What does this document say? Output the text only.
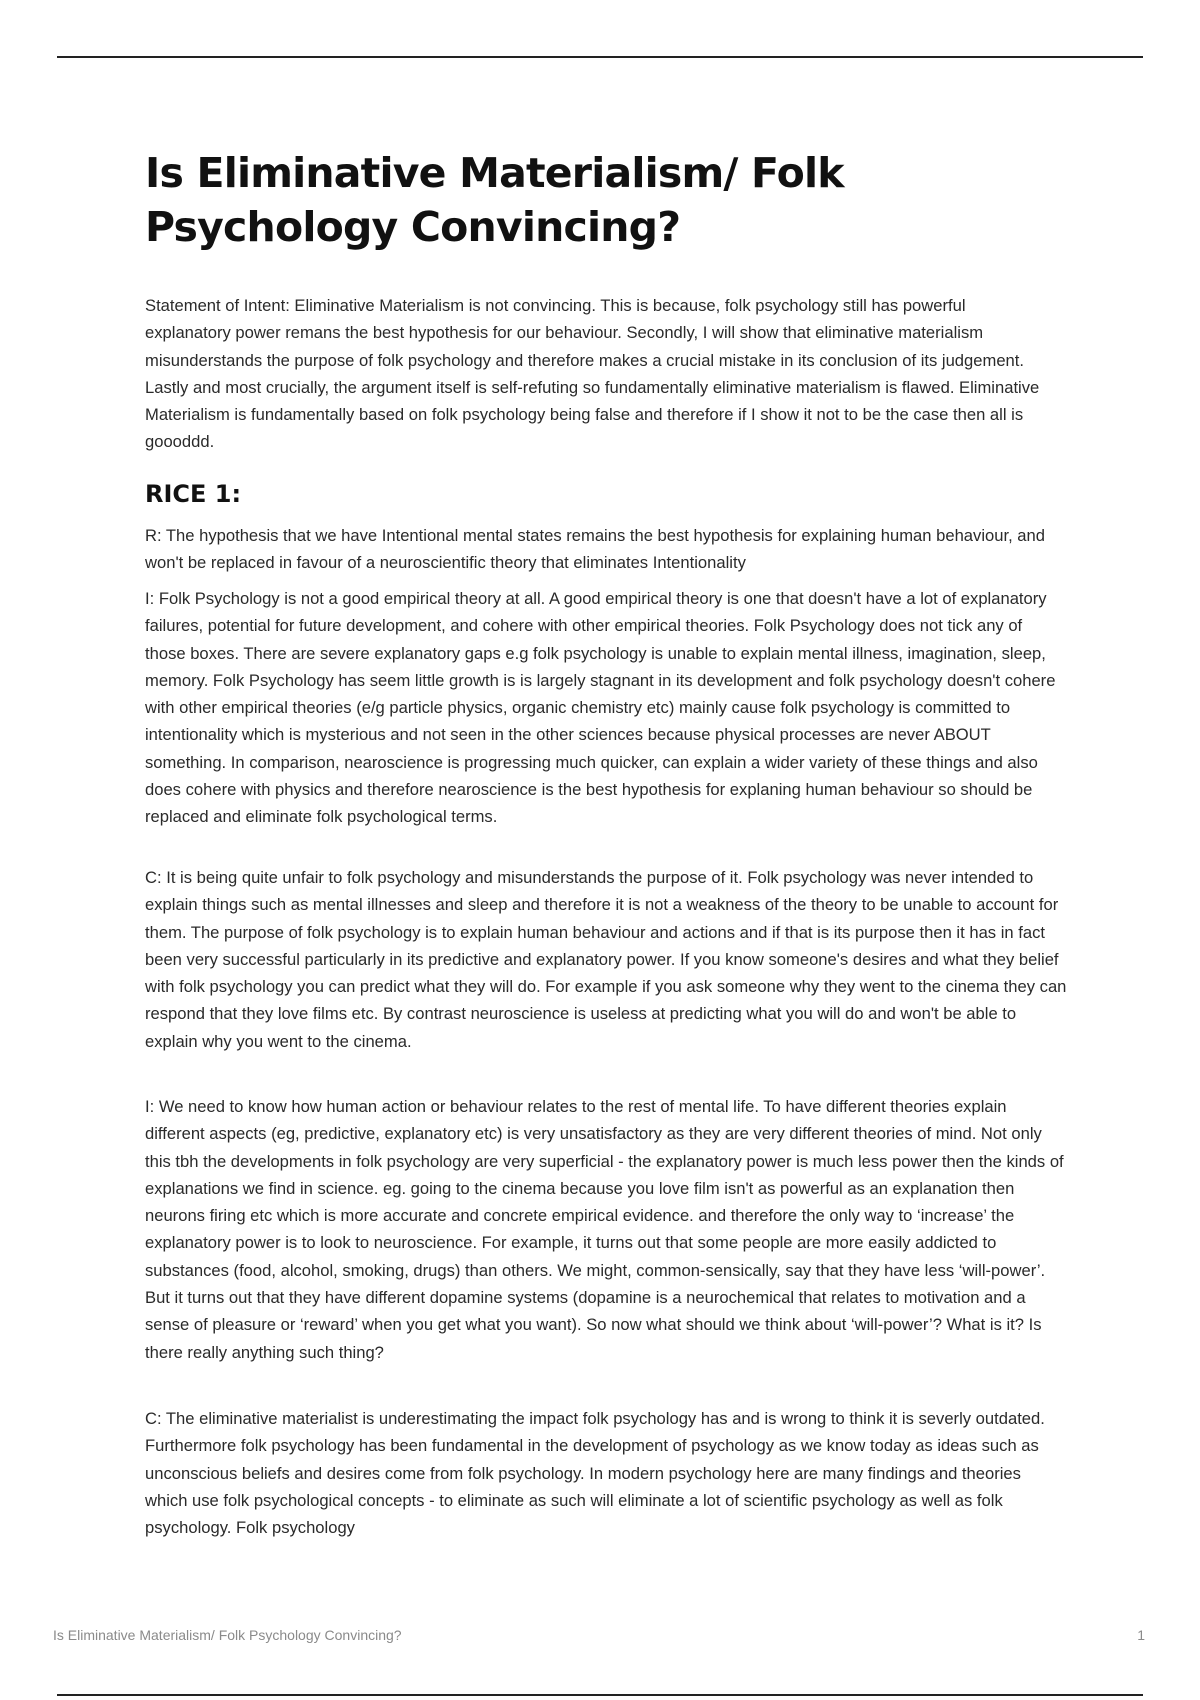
Is Eliminative Materialism/ Folk Psychology Convincing?

Statement of Intent: Eliminative Materialism is not convincing. This is because, folk psychology still has powerful explanatory power remans the best hypothesis for our behaviour. Secondly, I will show that eliminative materialism misunderstands the purpose of folk psychology and therefore makes a crucial mistake in its conclusion of its judgement. Lastly and most crucially, the argument itself is self-refuting so fundamentally eliminative materialism is flawed. Eliminative Materialism is fundamentally based on folk psychology being false and therefore if I show it not to be the case then all is goooddd.

RICE 1:

R: The hypothesis that we have Intentional mental states remains the best hypothesis for explaining human behaviour, and won't be replaced in favour of a neuroscientific theory that eliminates Intentionality

I: Folk Psychology is not a good empirical theory at all. A good empirical theory is one that doesn't have a lot of explanatory failures, potential for future development, and cohere with other empirical theories. Folk Psychology does not tick any of those boxes. There are severe explanatory gaps e.g folk psychology is unable to explain mental illness, imagination, sleep, memory. Folk Psychology has seem little growth is is largely stagnant in its development and folk psychology doesn't cohere with other empirical theories (e/g particle physics, organic chemistry etc) mainly cause folk psychology is committed to intentionality which is mysterious and not seen in the other sciences because physical processes are never ABOUT something. In comparison, nearoscience is progressing much quicker, can explain a wider variety of these things and also does cohere with physics and therefore nearoscience is the best hypothesis for explaning human behaviour so should be replaced and eliminate folk psychological terms.

C: It is being quite unfair to folk psychology and misunderstands the purpose of it. Folk psychology was never intended to explain things such as mental illnesses and sleep and therefore it is not a weakness of the theory to be unable to account for them. The purpose of folk psychology is to explain human behaviour and actions and if that is its purpose then it has in fact been very successful particularly in its predictive and explanatory power. If you know someone's desires and what they belief with folk psychology you can predict what they will do. For example if you ask someone why they went to the cinema they can respond that they love films etc. By contrast neuroscience is useless at predicting what you will do and won't be able to explain why you went to the cinema.

I: We need to know how human action or behaviour relates to the rest of mental life. To have different theories explain different aspects (eg, predictive, explanatory etc) is very unsatisfactory as they are very different theories of mind. Not only this tbh the developments in folk psychology are very superficial - the explanatory power is much less power then the kinds of explanations we find in science. eg. going to the cinema because you love film isn't as powerful as an explanation then neurons firing etc which is more accurate and concrete empirical evidence. and therefore the only way to ‘increase’ the explanatory power is to look to neuroscience. For example, it turns out that some people are more easily addicted to substances (food, alcohol, smoking, drugs) than others. We might, common-sensically, say that they have less ‘will-power’. But it turns out that they have different dopamine systems (dopamine is a neurochemical that relates to motivation and a sense of pleasure or ‘reward’ when you get what you want). So now what should we think about ‘will-power’? What is it? Is there really anything such thing?

C: The eliminative materialist is underestimating the impact folk psychology has and is wrong to think it is severly outdated. Furthermore folk psychology has been fundamental in the development of psychology as we know today as ideas such as unconscious beliefs and desires come from folk psychology. In modern psychology here are many findings and theories which use folk psychological concepts - to eliminate as such will eliminate a lot of scientific psychology as well as folk psychology. Folk psychology

Is Eliminative Materialism/ Folk Psychology Convincing?	1
